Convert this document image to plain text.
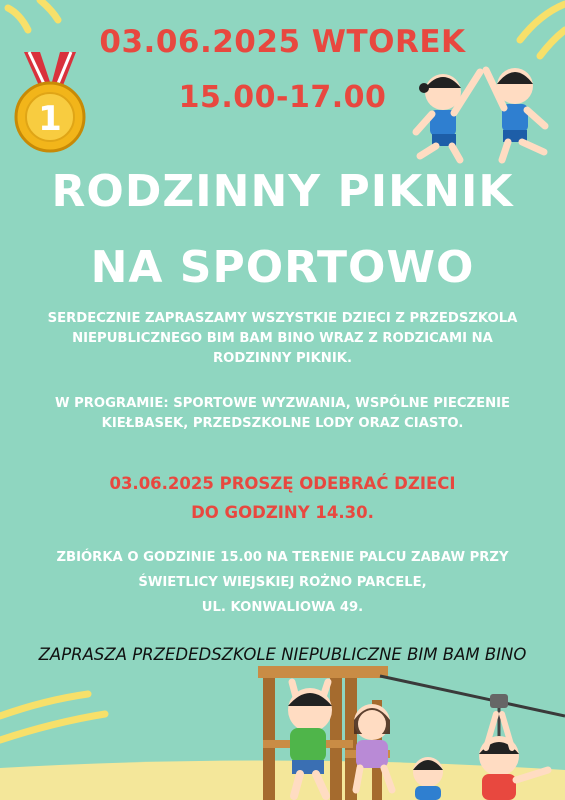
1

03.06.2025 WTOREK

15.00-17.00

RODZINNY PIKNIK

NA SPORTOWO

SERDECZNIE ZAPRASZAMY WSZYSTKIE DZIECI Z PRZEDSZKOLA
NIEPUBLICZNEGO BIM BAM BINO WRAZ Z RODZICAMI NA
RODZINNY PIKNIK.
W PROGRAMIE: SPORTOWE WYZWANIA, WSPÓLNE PIECZENIE
KIEŁBASEK, PRZEDSZKOLNE LODY ORAZ CIASTO.
03.06.2025 PROSZĘ ODEBRAĆ DZIECI
DO GODZINY 14.30.
ZBIÓRKA O GODZINIE 15.00 NA TERENIE PALCU ZABAW PRZY
ŚWIETLICY WIEJSKIEJ ROŻNO PARCELE,
UL. KONWALIOWA 49.

ZAPRASZA PRZEDEDSZKOLE NIEPUBLICZNE BIM BAM BINO
